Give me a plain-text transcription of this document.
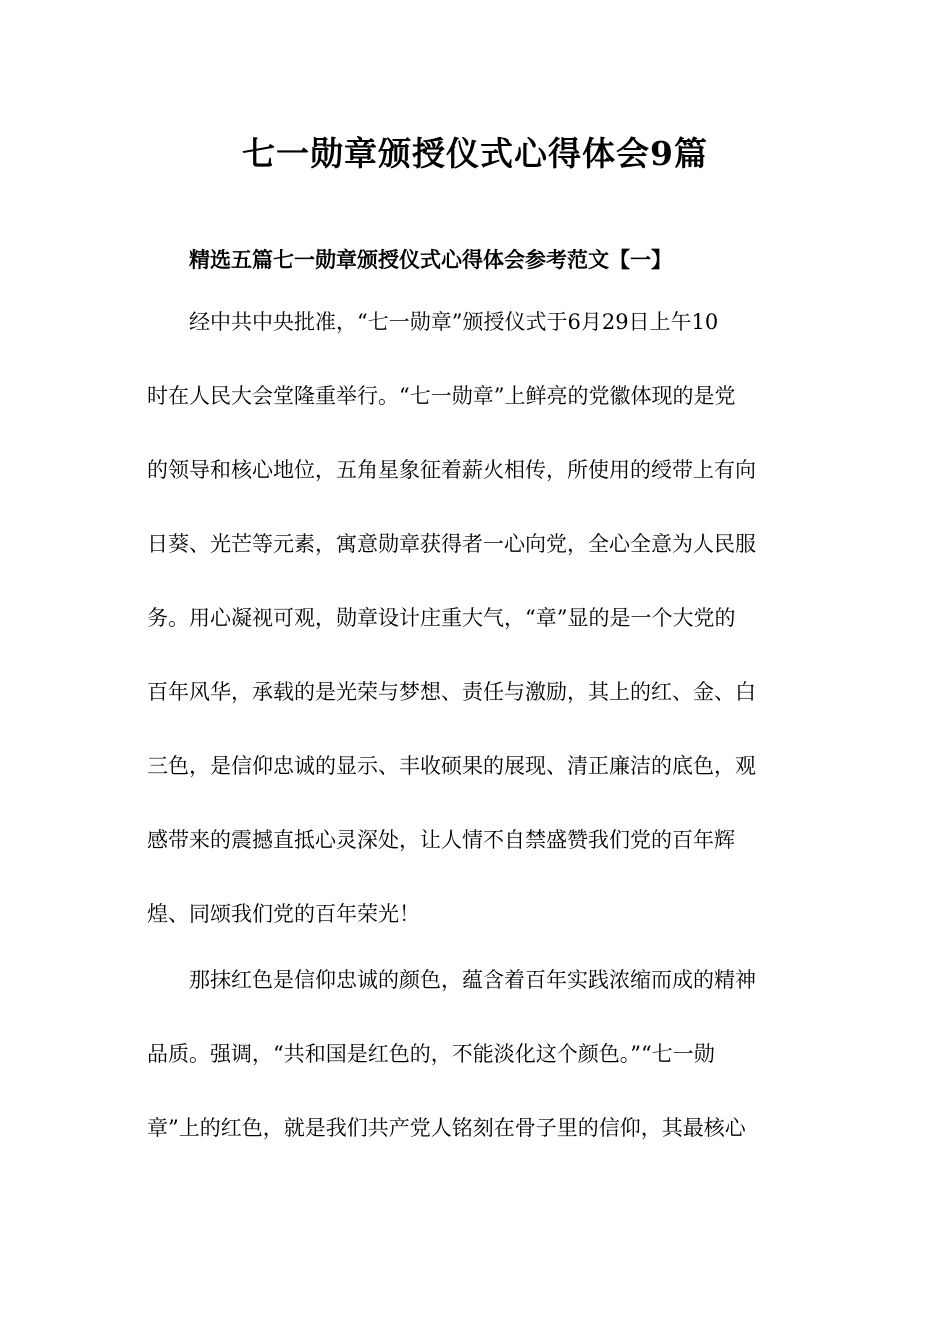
七一勋章颁授仪式心得体会9篇
精选五篇七一勋章颁授仪式心得体会参考范文【一】

经中共中央批准，“七一勋章”颁授仪式于6月29日上午10

时在人民大会堂隆重举行。“七一勋章”上鲜亮的党徽体现的是党

的领导和核心地位，五角星象征着薪火相传，所使用的绶带上有向

日葵、光芒等元素，寓意勋章获得者一心向党，全心全意为人民服

务。用心凝视可观，勋章设计庄重大气，“章”显的是一个大党的

百年风华，承载的是光荣与梦想、责任与激励，其上的红、金、白

三色，是信仰忠诚的显示、丰收硕果的展现、清正廉洁的底色，观

感带来的震撼直抵心灵深处，让人情不自禁盛赞我们党的百年辉

煌、同颂我们党的百年荣光！

那抹红色是信仰忠诚的颜色，蕴含着百年实践浓缩而成的精神

品质。强调，“共和国是红色的，不能淡化这个颜色。”“七一勋

章”上的红色，就是我们共产党人铭刻在骨子里的信仰，其最核心
